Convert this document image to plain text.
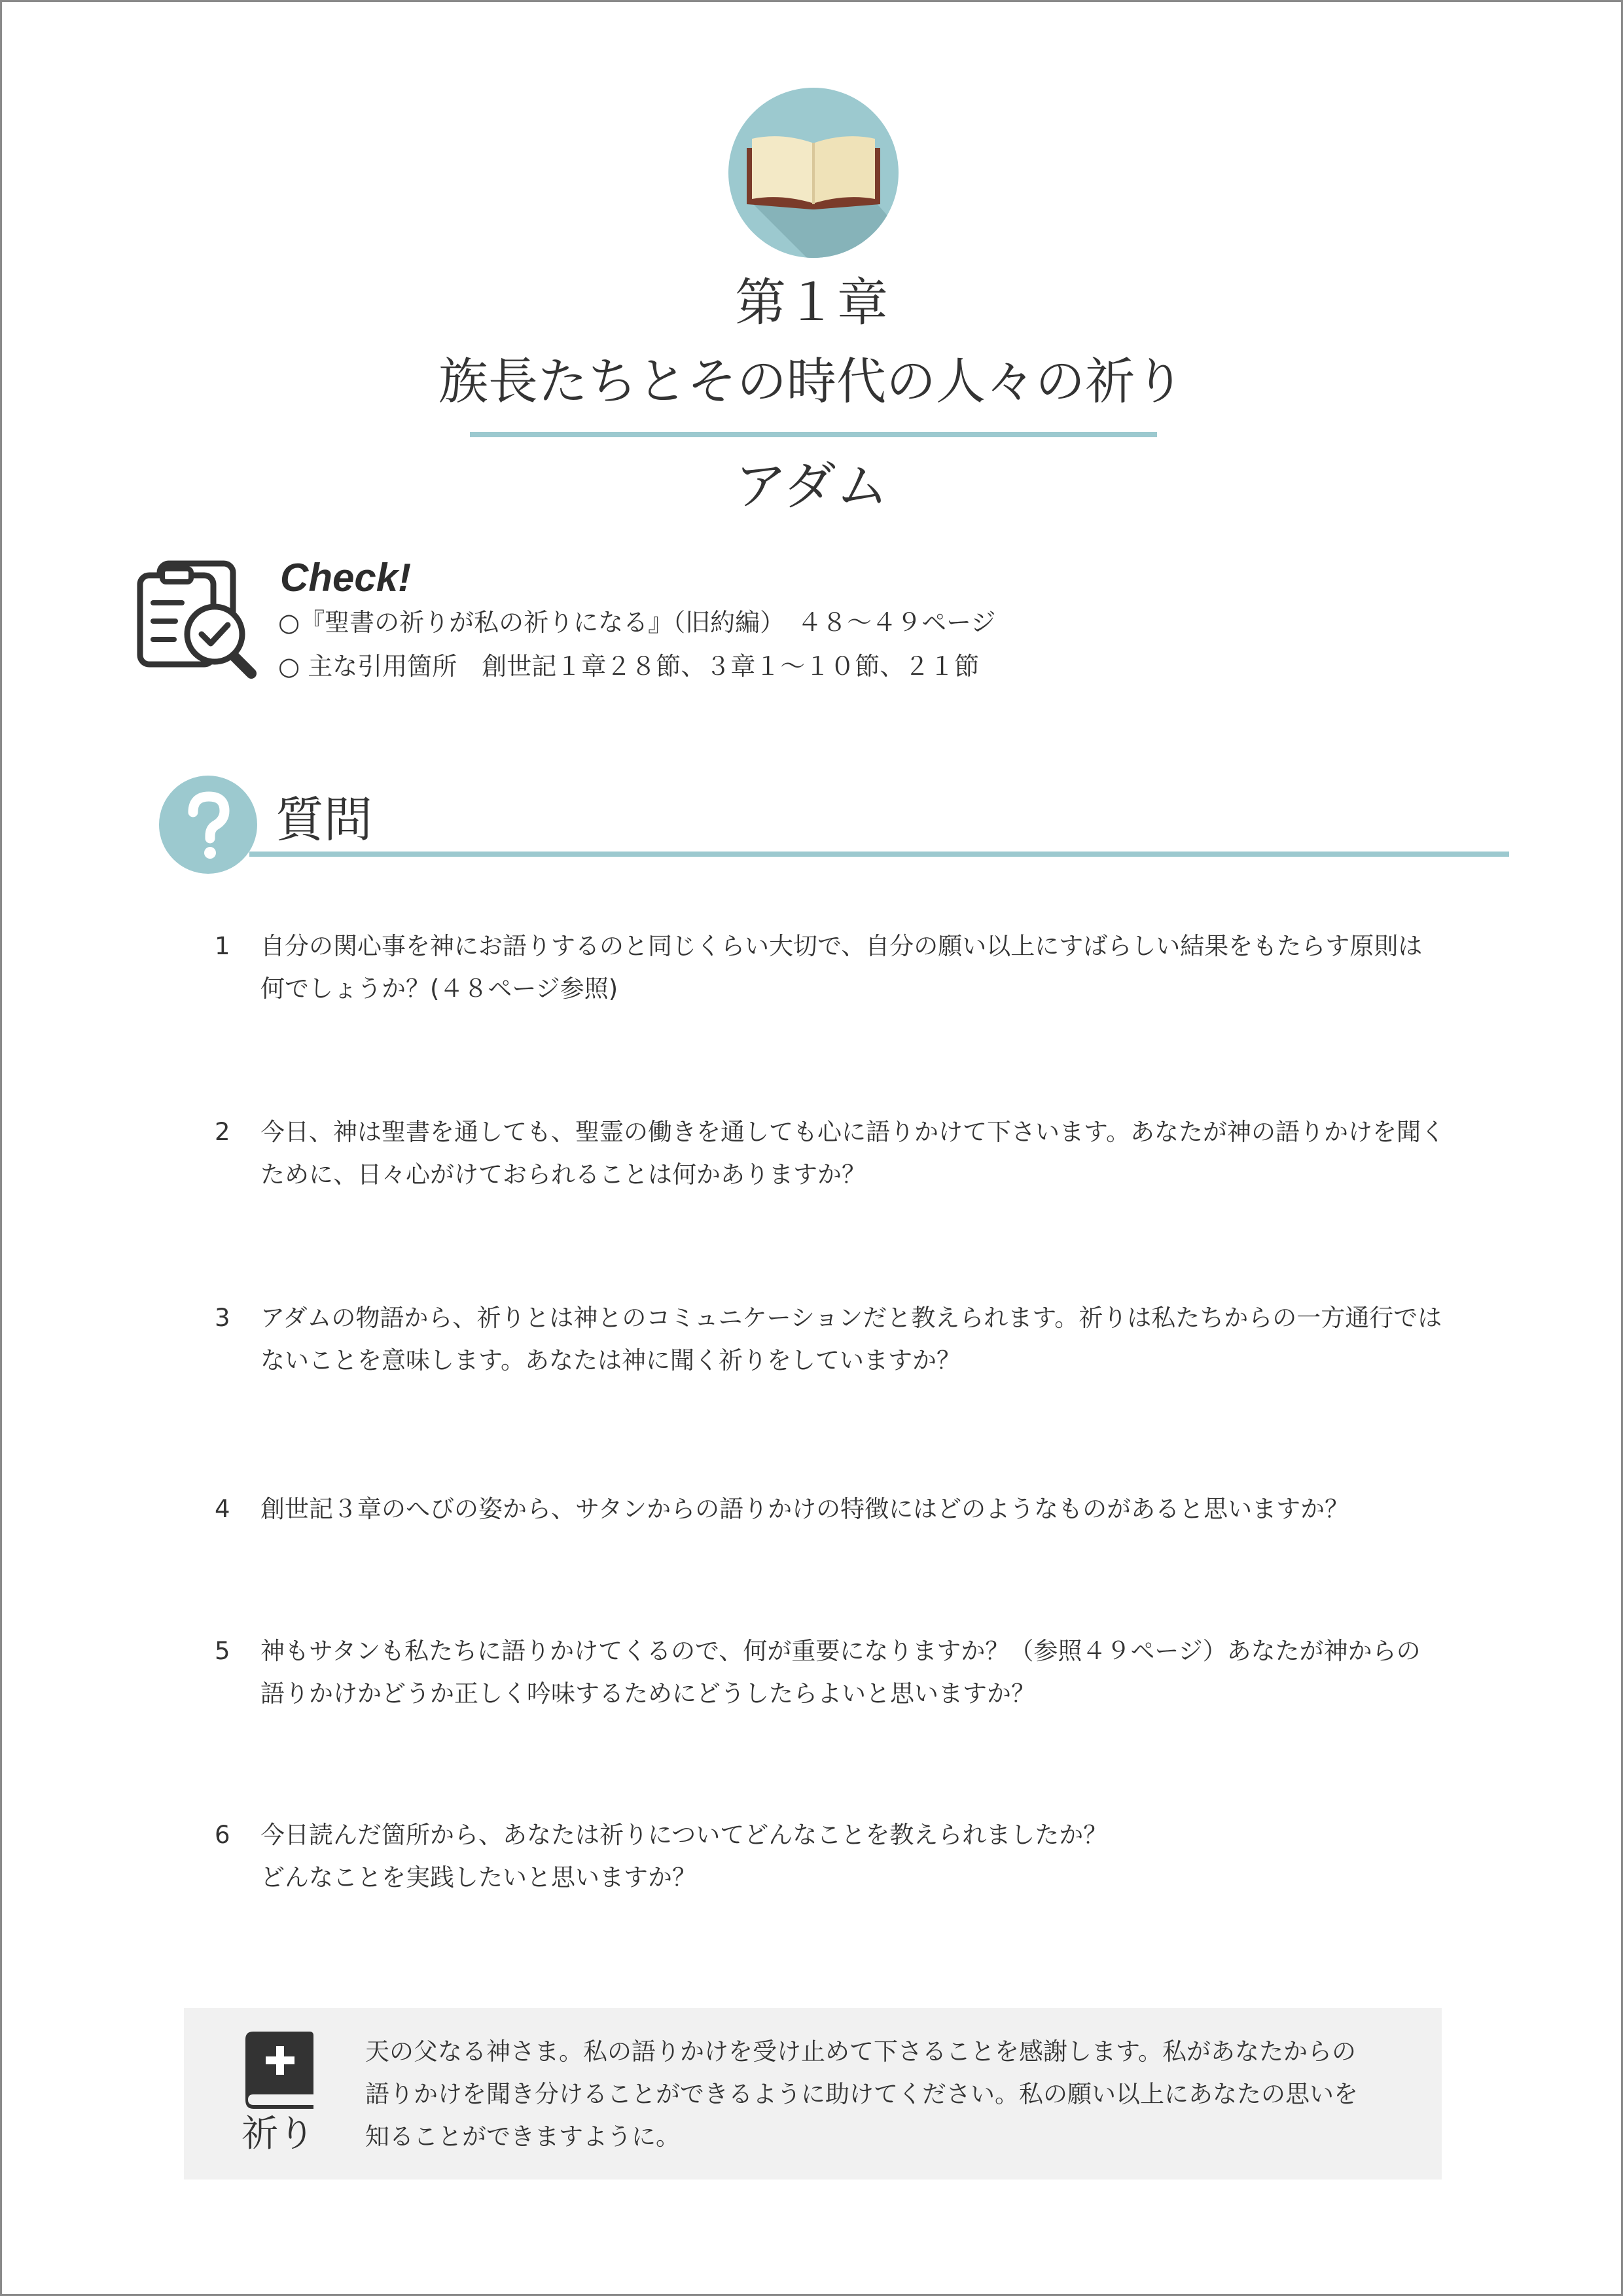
第１章
族長たちとその時代の人々の祈り
アダム
Check!
○『聖書の祈りが私の祈りになる』（旧約編）　４８～４９ページ
○ 主な引用箇所　創世記１章２８節、３章１～１０節、２１節
質問
1	自分の関心事を神にお語りするのと同じくらい大切で、自分の願い以上にすばらしい結果をもたらす原則は
何でしょうか？(４８ページ参照)
2	今日、神は聖書を通しても、聖霊の働きを通しても心に語りかけて下さいます。あなたが神の語りかけを聞く
ために、日々心がけておられることは何かありますか？
3	アダムの物語から、祈りとは神とのコミュニケーションだと教えられます。祈りは私たちからの一方通行では
ないことを意味します。あなたは神に聞く祈りをしていますか？
4	創世記３章のへびの姿から、サタンからの語りかけの特徴にはどのようなものがあると思いますか？
5	神もサタンも私たちに語りかけてくるので、何が重要になりますか？（参照４９ページ）あなたが神からの
語りかけかどうか正しく吟味するためにどうしたらよいと思いますか？
6	今日読んだ箇所から、あなたは祈りについてどんなことを教えられましたか？
どんなことを実践したいと思いますか？
祈り
天の父なる神さま。私の語りかけを受け止めて下さることを感謝します。私があなたからの
語りかけを聞き分けることができるように助けてください。私の願い以上にあなたの思いを
知ることができますように。
